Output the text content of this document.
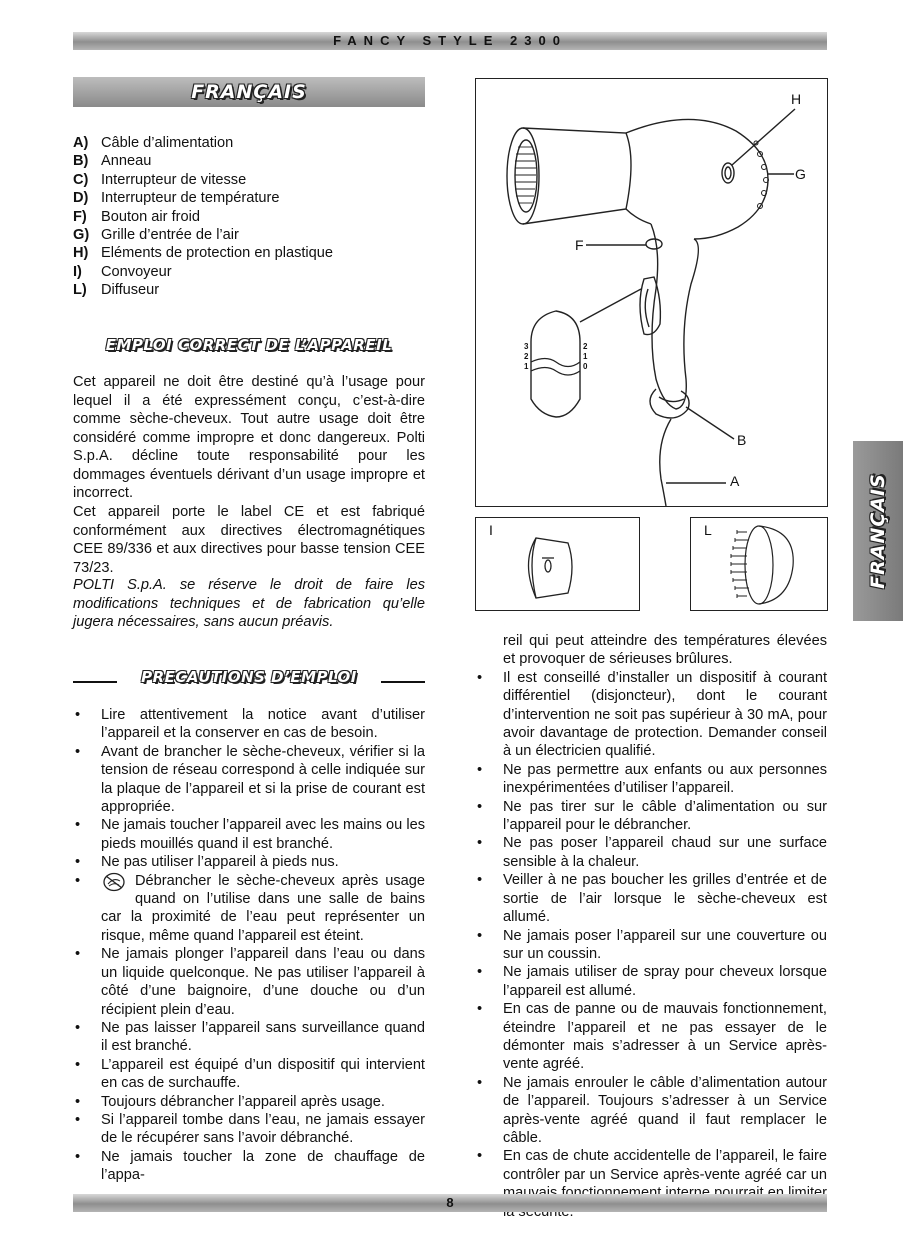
FANCY STYLE 2300
FRANÇAIS
A) Câble d’alimentation
B) Anneau
C) Interrupteur de vitesse
D) Interrupteur de température
F) Bouton air froid
G) Grille d’entrée de l’air
H) Eléments de protection en plastique
I)	Convoyeur
L) Diffuseur
EMPLOI CORRECT DE L’APPAREIL

Cet appareil ne doit être destiné qu’à l’usage pour lequel il a été expressément conçu, c’est-à-dire comme sèche-cheveux. Tout autre usage doit être considéré comme impropre et donc dangereux. Polti S.p.A. décline toute responsabilité pour les dommages éventuels dérivant d’un usage impropre et incorrect.

Cet appareil porte le label CE et est fabriqué conformément aux directives électromagnétiques CEE 89/336 et aux directives pour basse tension CEE 73/23.

POLTI S.p.A. se réserve le droit de faire les modifications techniques et de fabrication qu’elle jugera nécessaires, sans aucun préavis.

PRECAUTIONS D’EMPLOI
• Lire attentivement la notice avant d’utiliser l’appareil et la conserver en cas de besoin.
• Avant de brancher le sèche-cheveux, vérifier si la tension de réseau correspond à celle indiquée sur la plaque de l’appareil et si la prise de courant est appropriée.
• Ne jamais toucher l’appareil avec les mains ou les pieds mouillés quand il est branché.
• Ne pas utiliser l’appareil à pieds nus.
• Débrancher le sèche-cheveux après usage quand on l’utilise dans une salle de bains car la proximité de l’eau peut représenter un risque, même quand l’appareil est éteint.
• Ne jamais plonger l’appareil dans l’eau ou dans un liquide quelconque. Ne pas utiliser l’appareil à côté d’une baignoire, d’une douche ou d’un récipient plein d’eau.
• Ne pas laisser l’appareil sans surveillance quand il est branché.
• L’appareil est équipé d’un dispositif qui intervient en cas de surchauffe.
• Toujours débrancher l’appareil après usage.
• Si l’appareil tombe dans l’eau, ne jamais essayer de le récupérer sans l’avoir débranché.
• Ne jamais toucher la zone de chauffage de l’appa-
reil qui peut atteindre des températures élevées et provoquer de sérieuses brûlures.
• Il est conseillé d’installer un dispositif à courant différentiel (disjoncteur), dont le courant d’intervention ne soit pas supérieur à 30 mA, pour avoir davantage de protection. Demander conseil à un électricien qualifié.
• Ne pas permettre aux enfants ou aux personnes inexpérimentées d’utiliser l’appareil.
• Ne pas tirer sur le câble d’alimentation ou sur l’appareil pour le débrancher.
• Ne pas poser l’appareil chaud sur une surface sensible à la chaleur.
• Veiller à ne pas boucher les grilles d’entrée et de sortie de l’air lorsque le sèche-cheveux est allumé.
• Ne jamais poser l’appareil sur une couverture ou sur un coussin.
• Ne jamais utiliser de spray pour cheveux lorsque l’appareil est allumé.
• En cas de panne ou de mauvais fonctionnement, éteindre l’appareil et ne pas essayer de le démonter mais s’adresser à un Service après-vente agréé.
• Ne jamais enrouler le câble d’alimentation autour de l’appareil. Toujours s’adresser à un Service après-vente agréé quand il faut remplacer le câble.
• En cas de chute accidentelle de l’appareil, le faire contrôler par un Service après-vente agréé car un
H
G
F
B
A
3
2
1
2
1
0
I	L	FRANÇAIS
8
